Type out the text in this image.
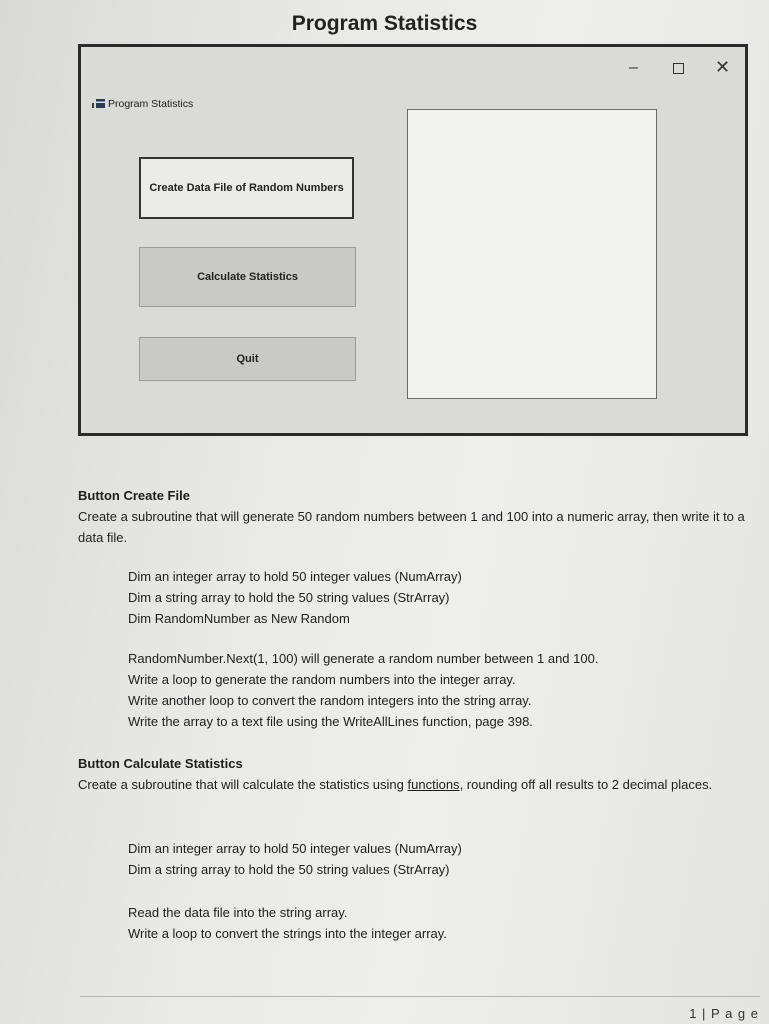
Program Statistics
–	✕
Program Statistics
Create Data File of Random Numbers
Calculate Statistics
Quit
Button Create File
Create a subroutine that will generate 50 random numbers between 1 and 100 into a numeric array, then write it to a data file.
Dim an integer array to hold 50 integer values (NumArray)
Dim a string array to hold the 50 string values (StrArray)
Dim RandomNumber as New Random
RandomNumber.Next(1, 100) will generate a random number between 1 and 100.
Write a loop to generate the random numbers into the integer array.
Write another loop to convert the random integers into the string array.
Write the array to a text file using the WriteAllLines function, page 398.
Button Calculate Statistics
Create a subroutine that will calculate the statistics using functions, rounding off all results to 2 decimal places.
Dim an integer array to hold 50 integer values (NumArray)
Dim a string array to hold the 50 string values (StrArray)
Read the data file into the string array.
Write a loop to convert the strings into the integer array.
1 | P a g e
